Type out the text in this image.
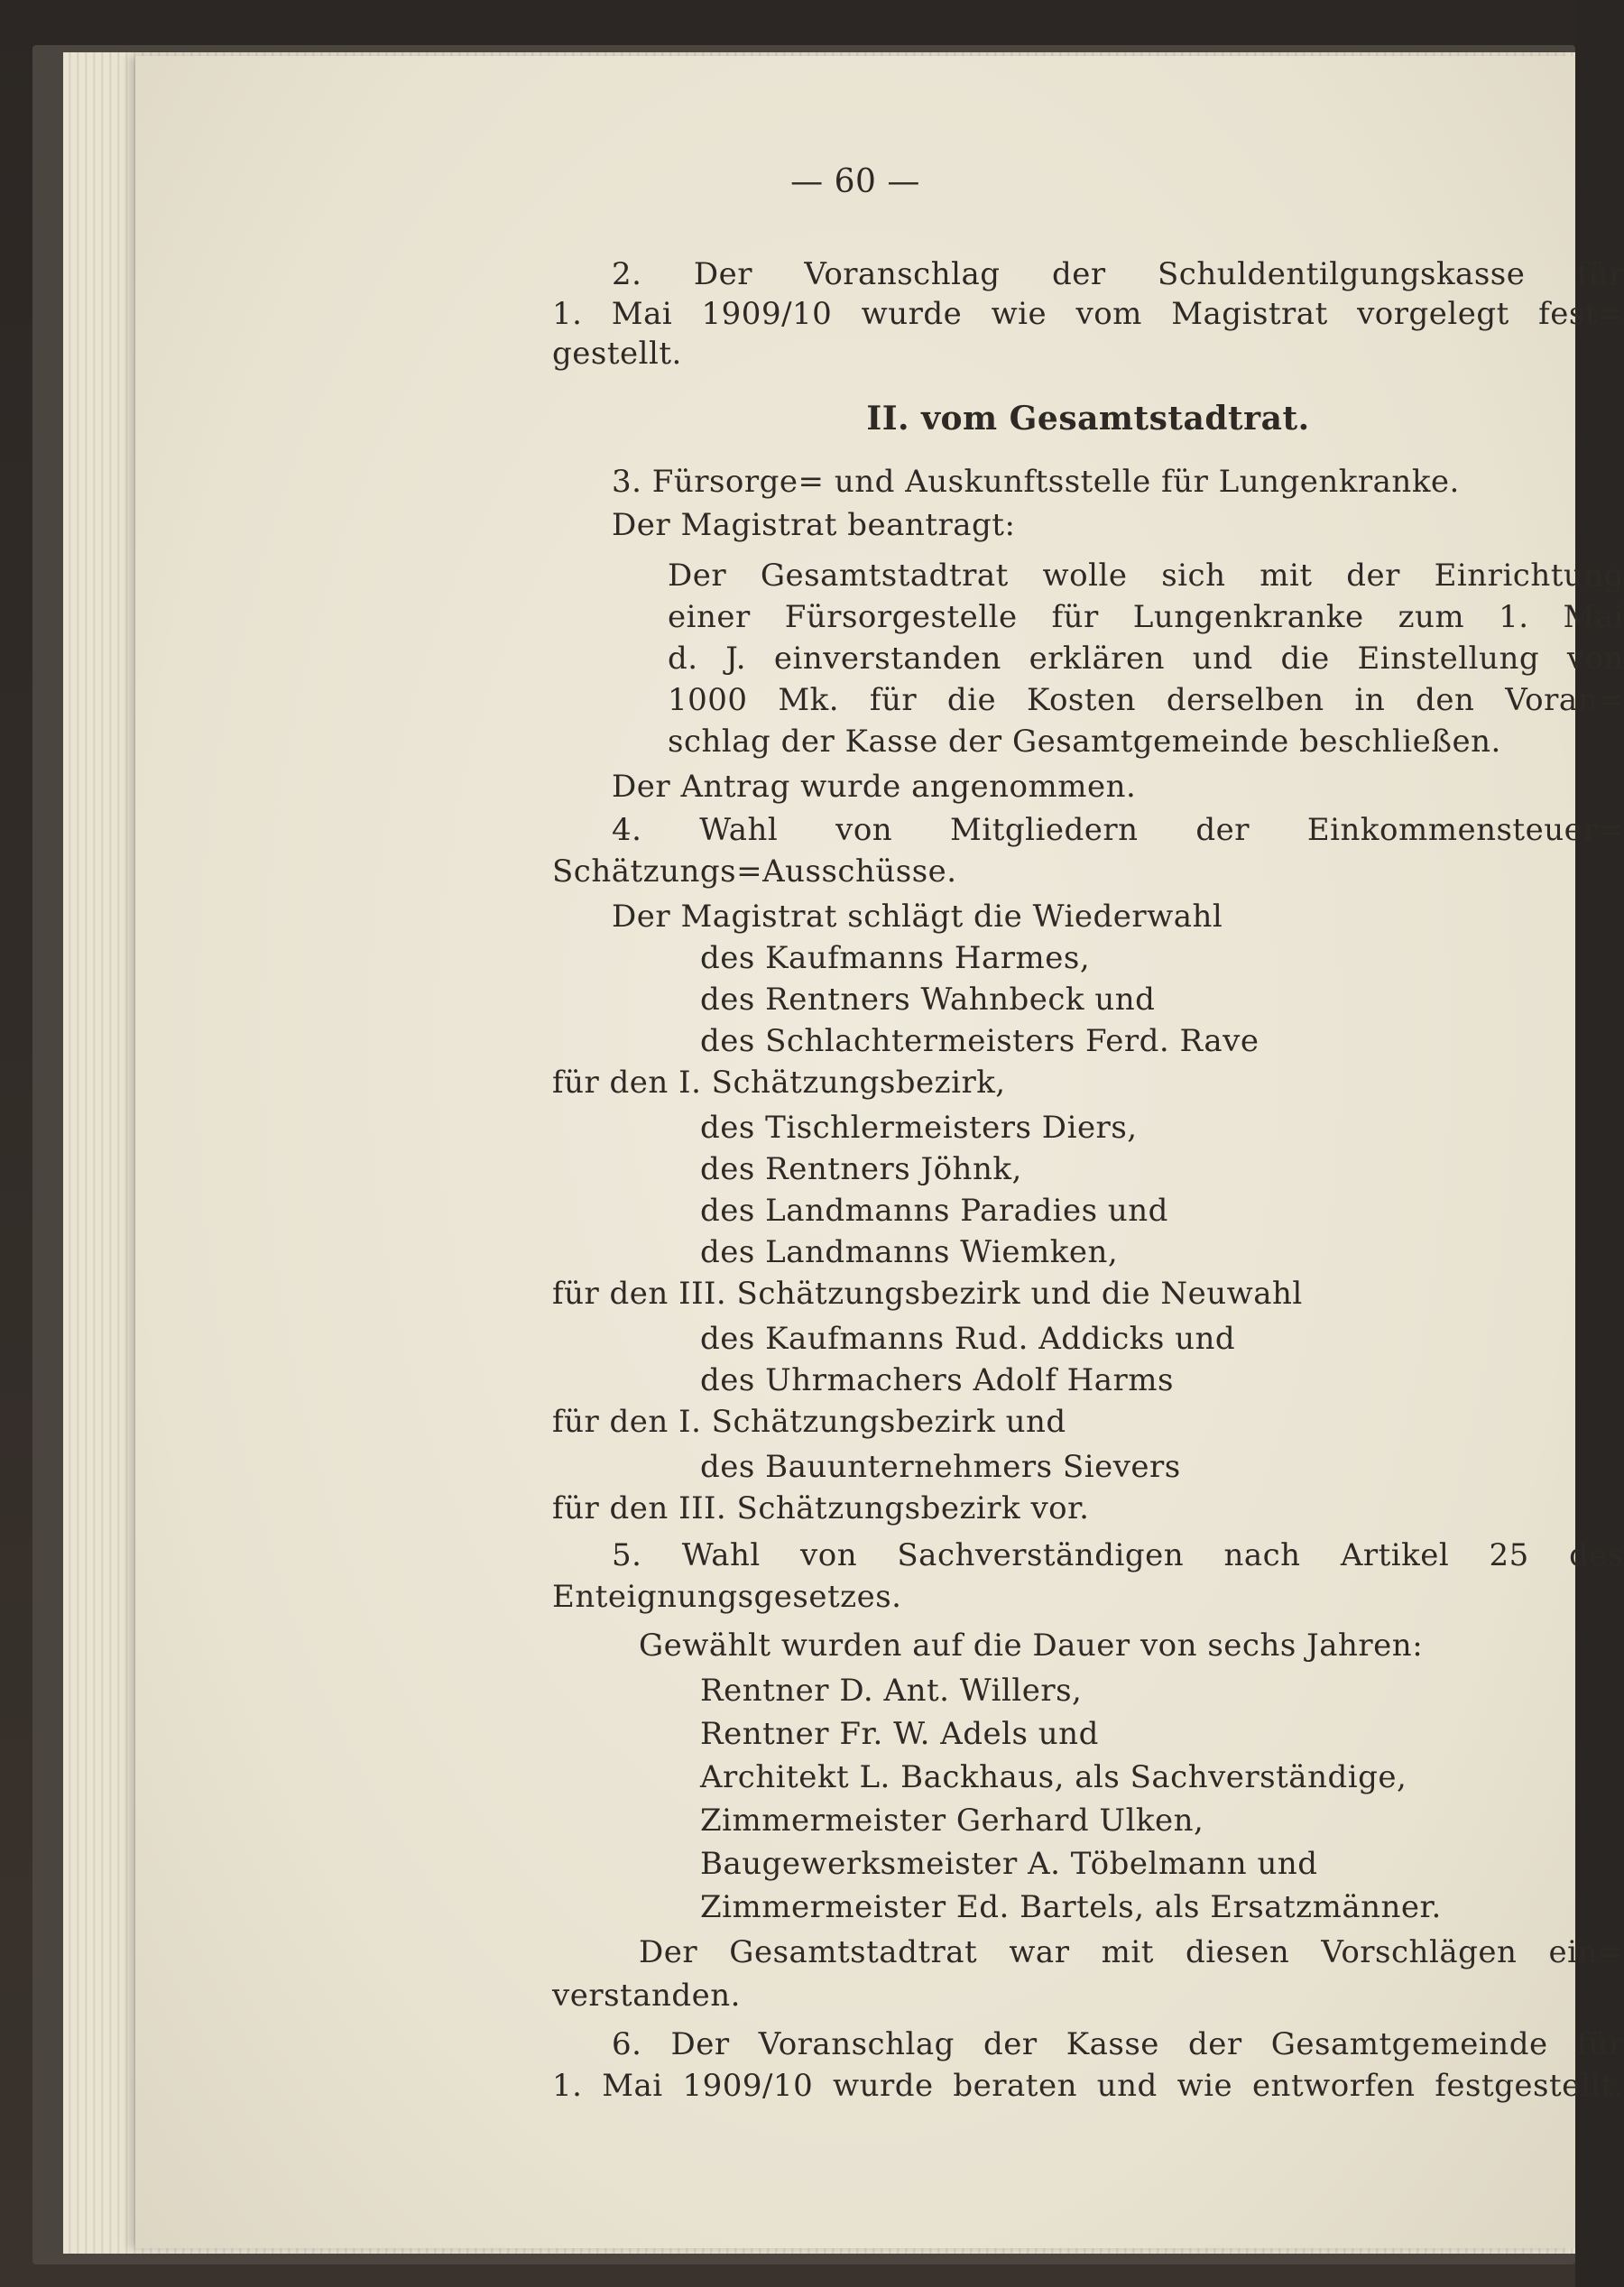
— 60 —
2. Der Voranschlag der Schuldentilgungskasse für
1. Mai 1909/10 wurde wie vom Magistrat vorgelegt fest=
gestellt.
II. vom Gesamtstadtrat.
3. Fürsorge= und Auskunftsstelle für Lungenkranke.
Der Magistrat beantragt:
Der Gesamtstadtrat wolle sich mit der Einrichtung
einer Fürsorgestelle für Lungenkranke zum 1. Mai
d. J. einverstanden erklären und die Einstellung von
1000 Mk. für die Kosten derselben in den Voran=
schlag der Kasse der Gesamtgemeinde beschließen.
Der Antrag wurde angenommen.
4. Wahl von Mitgliedern der Einkommensteuer=
Schätzungs=Ausschüsse.
Der Magistrat schlägt die Wiederwahl
des Kaufmanns Harmes,
des Rentners Wahnbeck und
des Schlachtermeisters Ferd. Rave
für den I. Schätzungsbezirk,
des Tischlermeisters Diers,
des Rentners Jöhnk,
des Landmanns Paradies und
des Landmanns Wiemken,
für den III. Schätzungsbezirk und die Neuwahl
des Kaufmanns Rud. Addicks und
des Uhrmachers Adolf Harms
für den I. Schätzungsbezirk und
des Bauunternehmers Sievers
für den III. Schätzungsbezirk vor.
5. Wahl von Sachverständigen nach Artikel 25 des
Enteignungsgesetzes.
Gewählt wurden auf die Dauer von sechs Jahren:
Rentner D. Ant. Willers,
Rentner Fr. W. Adels und
Architekt L. Backhaus, als Sachverständige,
Zimmermeister Gerhard Ulken,
Baugewerksmeister A. Töbelmann und
Zimmermeister Ed. Bartels, als Ersatzmänner.
Der Gesamtstadtrat war mit diesen Vorschlägen ein=
verstanden.
6. Der Voranschlag der Kasse der Gesamtgemeinde für
1. Mai 1909/10 wurde beraten und wie entworfen festgestellt.
